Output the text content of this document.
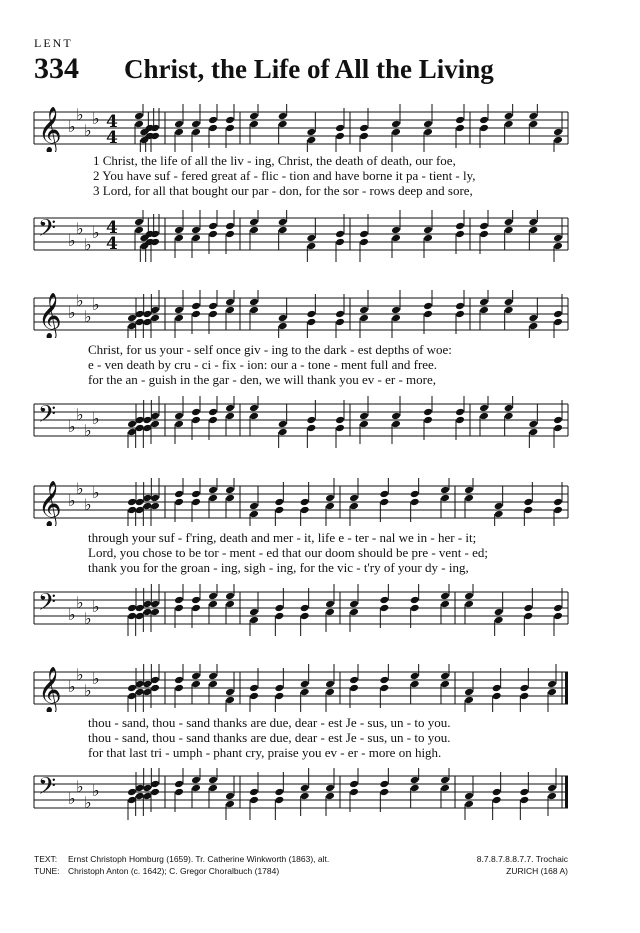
LENT
334 Christ, the Life of All the Living
𝄞 ♭
♭
♭
♭ 4
4
1 Christ, the life of all the liv - ing, Christ, the death of death, our foe,
2 You have suf - fered great af - flic - tion and have borne it pa - tient - ly,
3 Lord, for all that bought our par - don, for the sor - rows deep and sore,
𝄢 ♭
♭
♭
♭ 4
4
𝄞 ♭
♭
♭
♭
Christ, for us your - self once giv - ing to the dark - est depths of woe:
e - ven death by cru - ci - fix - ion: our a - tone - ment full and free.
for the an - guish in the gar - den, we will thank you ev - er - more,
𝄢 ♭
♭
♭
♭
𝄞 ♭
♭
♭
♭
through your suf - f'ring, death and mer - it, life e - ter - nal we in - her - it;
Lord, you chose to be tor - ment - ed that our doom should be pre - vent - ed;
thank you for the groan - ing, sigh - ing, for the vic - t'ry of your dy - ing,
𝄢 ♭
♭
♭
♭
𝄞 ♭
♭
♭
♭
thou - sand, thou - sand thanks are due, dear - est Je - sus, un - to you.
thou - sand, thou - sand thanks are due, dear - est Je - sus, un - to you.
for that last tri - umph - phant cry, praise you ev - er - more on high.
𝄢 ♭
♭
♭
♭
TEXT: Ernst Christoph Homburg (1659). Tr. Catherine Winkworth (1863), alt.
TUNE: Christoph Anton (c. 1642); C. Gregor Choralbuch (1784)
8.7.8.7.8.8.7.7. Trochaic
ZURICH (168 A)
